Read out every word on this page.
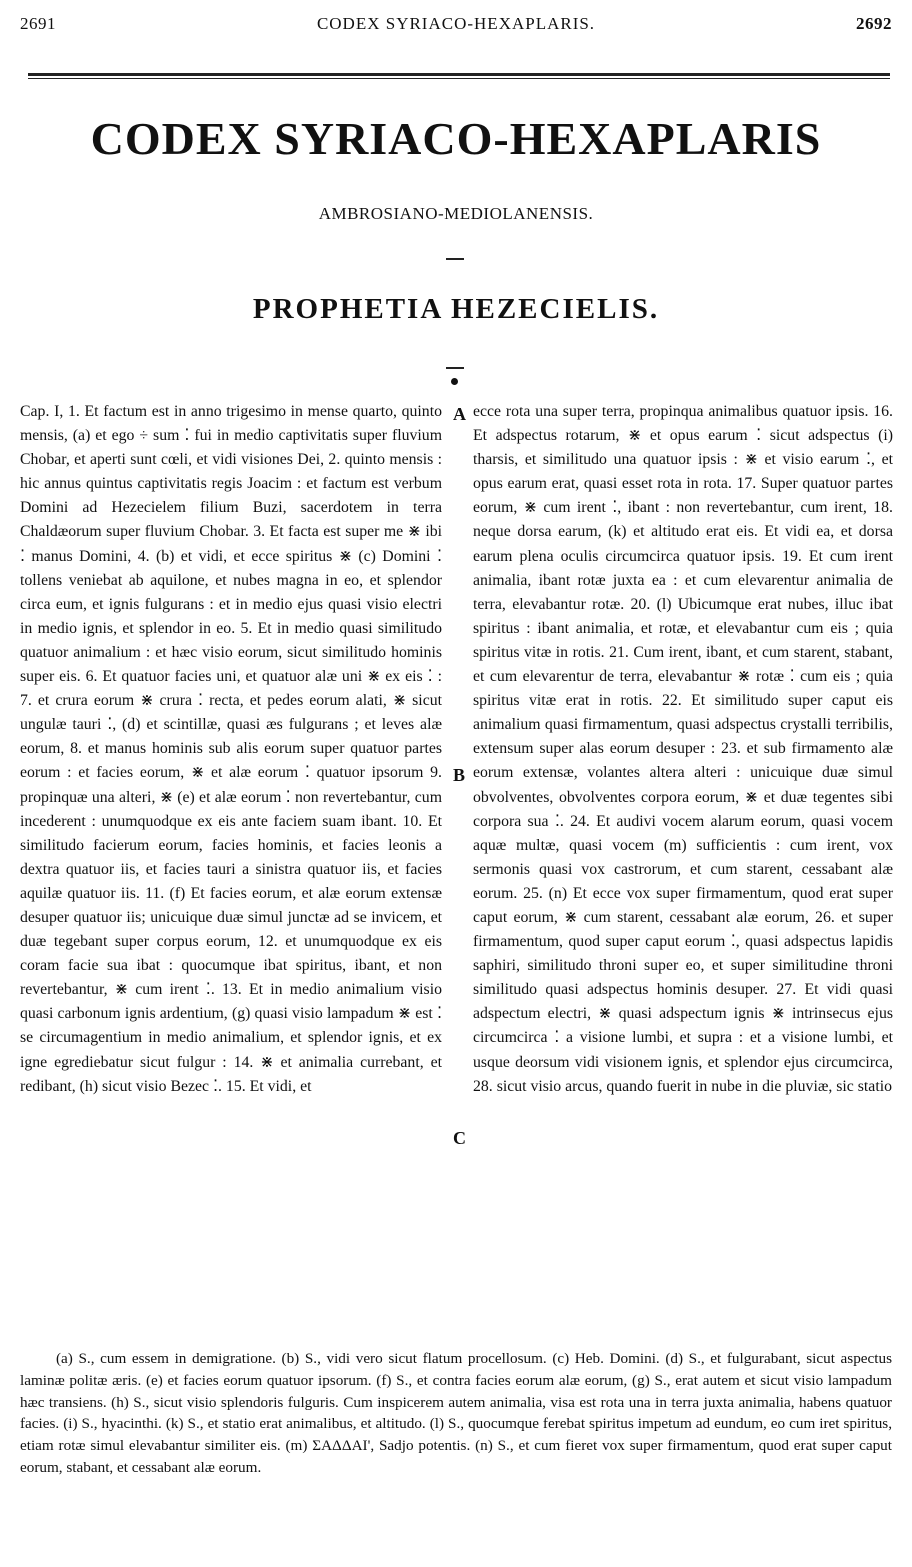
2691	CODEX SYRIACO-HEXAPLARIS.	2692
CODEX SYRIACO-HEXAPLARIS
AMBROSIANO-MEDIOLANENSIS.
PROPHETIA HEZECIELIS.
Cap. I, 1. Et factum est in anno trigesimo in mense quarto, quinto mensis, (a) et ego ÷ sum ⁚ fui in medio captivitatis super fluvium Chobar, et aperti sunt cœli, et vidi visiones Dei, 2. quinto mensis : hic annus quintus captivitatis regis Joacim : et factum est verbum Domini ad Hezecielem filium Buzi, sacerdotem in terra Chaldæorum super fluvium Chobar. 3. Et facta est super me ⋇ ibi ⁚ manus Domini, 4. (b) et vidi, et ecce spiritus ⋇ (c) Domini ⁚ tollens veniebat ab aquilone, et nubes magna in eo, et splendor circa eum, et ignis fulgurans : et in medio ejus quasi visio electri in medio ignis, et splendor in eo. 5. Et in medio quasi similitudo quatuor animalium : et hæc visio eorum, sicut similitudo hominis super eis. 6. Et quatuor facies uni, et quatuor alæ uni ⋇ ex eis ⁚ : 7. et crura eorum ⋇ crura ⁚ recta, et pedes eorum alati, ⋇ sicut ungulæ tauri ⁚, (d) et scintillæ, quasi æs fulgurans ; et leves alæ eorum, 8. et manus hominis sub alis eorum super quatuor partes eorum : et facies eorum, ⋇ et alæ eorum ⁚ quatuor ipsorum 9. propinquæ una alteri, ⋇ (e) et alæ eorum ⁚ non revertebantur, cum incederent : unumquodque ex eis ante faciem suam ibant. 10. Et similitudo facierum eorum, facies hominis, et facies leonis a dextra quatuor iis, et facies tauri a sinistra quatuor iis, et facies aquilæ quatuor iis. 11. (f) Et facies eorum, et alæ eorum extensæ desuper quatuor iis; unicuique duæ simul junctæ ad se invicem, et duæ tegebant super corpus eorum, 12. et unumquodque ex eis coram facie sua ibat : quocumque ibat spiritus, ibant, et non revertebantur, ⋇ cum irent ⁚. 13. Et in medio animalium visio quasi carbonum ignis ardentium, (g) quasi visio lampadum ⋇ est ⁚ se circumagentium in medio animalium, et splendor ignis, et ex igne egrediebatur sicut fulgur : 14. ⋇ et animalia currebant, et redibant, (h) sicut visio Bezec ⁚. 15. Et vidi, et
ecce rota una super terra, propinqua animalibus quatuor ipsis. 16. Et adspectus rotarum, ⋇ et opus earum ⁚ sicut adspectus (i) tharsis, et similitudo una quatuor ipsis : ⋇ et visio earum ⁚, et opus earum erat, quasi esset rota in rota. 17. Super quatuor partes eorum, ⋇ cum irent ⁚, ibant : non revertebantur, cum irent, 18. neque dorsa earum, (k) et altitudo erat eis. Et vidi ea, et dorsa earum plena oculis circumcirca quatuor ipsis. 19. Et cum irent animalia, ibant rotæ juxta ea : et cum elevarentur animalia de terra, elevabantur rotæ. 20. (l) Ubicumque erat nubes, illuc ibat spiritus : ibant animalia, et rotæ, et elevabantur cum eis ; quia spiritus vitæ in rotis. 21. Cum irent, ibant, et cum starent, stabant, et cum elevarentur de terra, elevabantur ⋇ rotæ ⁚ cum eis ; quia spiritus vitæ erat in rotis. 22. Et similitudo super caput eis animalium quasi firmamentum, quasi adspectus crystalli terribilis, extensum super alas eorum desuper : 23. et sub firmamento alæ eorum extensæ, volantes altera alteri : unicuique duæ simul obvolventes, obvolventes corpora eorum, ⋇ et duæ tegentes sibi corpora sua ⁚. 24. Et audivi vocem alarum eorum, quasi vocem aquæ multæ, quasi vocem (m) sufficientis : cum irent, vox sermonis quasi vox castrorum, et cum starent, cessabant alæ eorum. 25. (n) Et ecce vox super firmamentum, quod erat super caput eorum, ⋇ cum starent, cessabant alæ eorum, 26. et super firmamentum, quod super caput eorum ⁚, quasi adspectus lapidis saphiri, similitudo throni super eo, et super similitudine throni similitudo quasi adspectus hominis desuper. 27. Et vidi quasi adspectum electri, ⋇ quasi adspectum ignis ⋇ intrinsecus ejus circumcirca ⁚ a visione lumbi, et supra : et a visione lumbi, et usque deorsum vidi visionem ignis, et splendor ejus circumcirca, 28. sicut visio arcus, quando fuerit in nube in die pluviæ, sic statio
A
B
C
(a) S., cum essem in demigratione. (b) S., vidi vero sicut flatum procellosum. (c) Heb. Domini. (d) S., et fulgurabant, sicut aspectus laminæ politæ æris. (e) et facies eorum quatuor ipsorum. (f) S., et contra facies eorum alæ eorum, (g) S., erat autem et sicut visio lampadum hæc transiens. (h) S., sicut visio splendoris fulguris. Cum inspicerem autem animalia, visa est rota una in terra juxta animalia, habens quatuor facies. (i) S., hyacinthi. (k) S., et statio erat animalibus, et altitudo. (l) S., quocumque ferebat spiritus impetum ad eundum, eo cum iret spiritus, etiam rotæ simul elevabantur similiter eis. (m) ΣΑΔΔΑΙ', Sadjo potentis. (n) S., et cum fieret vox super firmamentum, quod erat super caput eorum, stabant, et cessabant alæ eorum.
